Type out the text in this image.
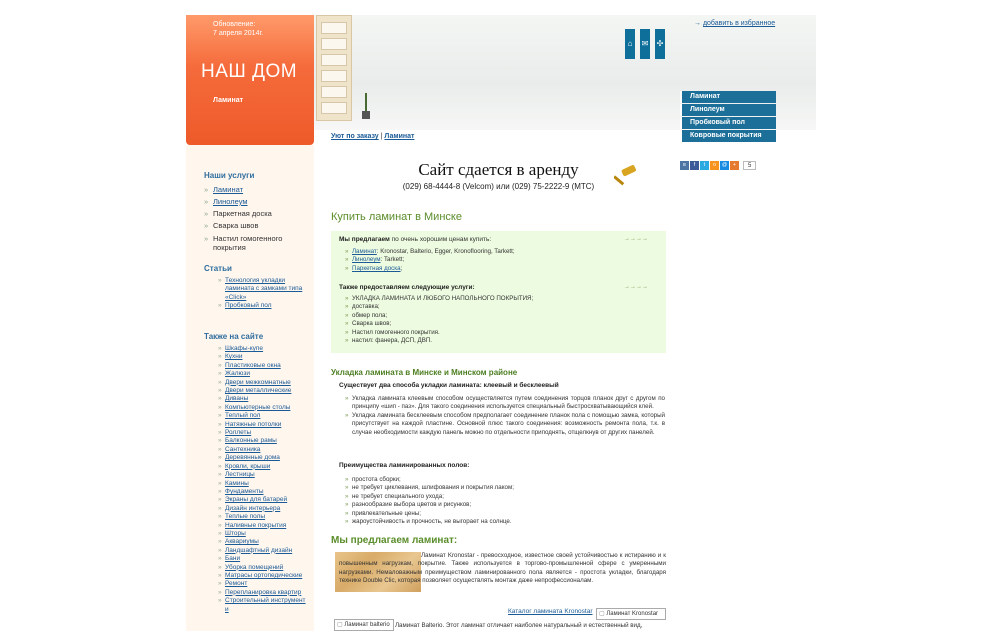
⌂	✉ ✣
→ добавить в избранное
Ламинат
Линолеум
Пробковый пол
Ковровые покрытия
Обновление:
7 апреля 2014г.
НАШ ДОМ
Ламинат
Наши услуги
» Ламинат
» Линолеум
» Паркетная доска
» Сварка швов
» Настил гомогенного покрытия
Статьи
» Технология укладки ламината с замками типа «Click»
» Пробковый пол
Также на сайте
» Шкафы-купе
» Кухни
» Пластиковые окна
» Жалюзи
» Двери межкомнатные
» Двери металлические
» Диваны
» Компьютерные столы
» Теплый пол
» Натяжные потолки
» Роллеты
» Балконные рамы
» Сантехника
» Деревянные дома
» Кровли, крыши
» Лестницы
» Камины
» Фундаменты
» Экраны для батарей
» Дизайн интерьера
» Теплые полы
» Наливные покрытия
» Шторы
» Аквариумы
» Ландшафтный дизайн
» Бани
» Уборка помещений
» Матрасы ортопедические
» Ремонт
» Перепланировка квартир
» Строительный инструмент и
Уют по заказу | Ламинат
Сайт сдается в аренду
(029) 68-4444-8 (Velcom) или (029) 75-2222-9 (МТС)
Купить ламинат в Минске
Мы предлагаем по очень хорошим ценам купить:	→→→→
» Ламинат: Kronostar, Balterio, Egger, Kronoflooring, Tarkett;
» Линолеум: Tarkett;
» Паркетная доска;
Также предоставляем следующие услуги:	→→→→
» УКЛАДКА ЛАМИНАТА И ЛЮБОГО НАПОЛЬНОГО ПОКРЫТИЯ;
» доставка;
» обмер пола;
» Сварка швов;
» Настил гомогенного покрытия.
» настил: фанера, ДСП, ДВП.
Укладка ламината в Минске и Минском районе
Существует два способа укладки ламината: клеевый и бесклеевый
» Укладка ламината клеевым способом осуществляется путем соединения торцов планок друг с другом по принципу «шип - паз». Для такого соединения используется специальный быстросхватывающийся клей.
» Укладка ламината бесклеевым способом предполагает соединение планок пола с помощью замка, который присутствует на каждой пластине. Основной плюс такого соединения: возможность ремонта пола, т.к. в случае необходимости каждую панель можно по отдельности приподнять, отщелкнув от других панелей.
Преимущества ламинированных полов:
» простота сборки;
» не требует циклевания, шлифования и покрытия лаком;
» не требует специального ухода;
» разнообразие выбора цветов и рисунков;
» привлекательные цены;
» жароустойчивость и прочность, не выгорает на солнце.
Мы предлагаем ламинат:
Ламинат Kronostar - превосходное, известное своей устойчивостью к истиранию и к повышенным нагрузкам, покрытие. Также используется в торгово-промышленной сфере с умеренными нагрузками. Немаловажным преимуществом ламинированного пола является - простота укладки, благодаря технике Double Clic, которая позволяет осуществлять монтаж даже непрофессионалам.
Каталог ламината Kronostar	▢ Ламинат Kronostar
▢ Ламинат balterio Ламинат Balterio. Этот ламинат отличает наиболее натуральный и естественный вид,
в f t o @ + 5
